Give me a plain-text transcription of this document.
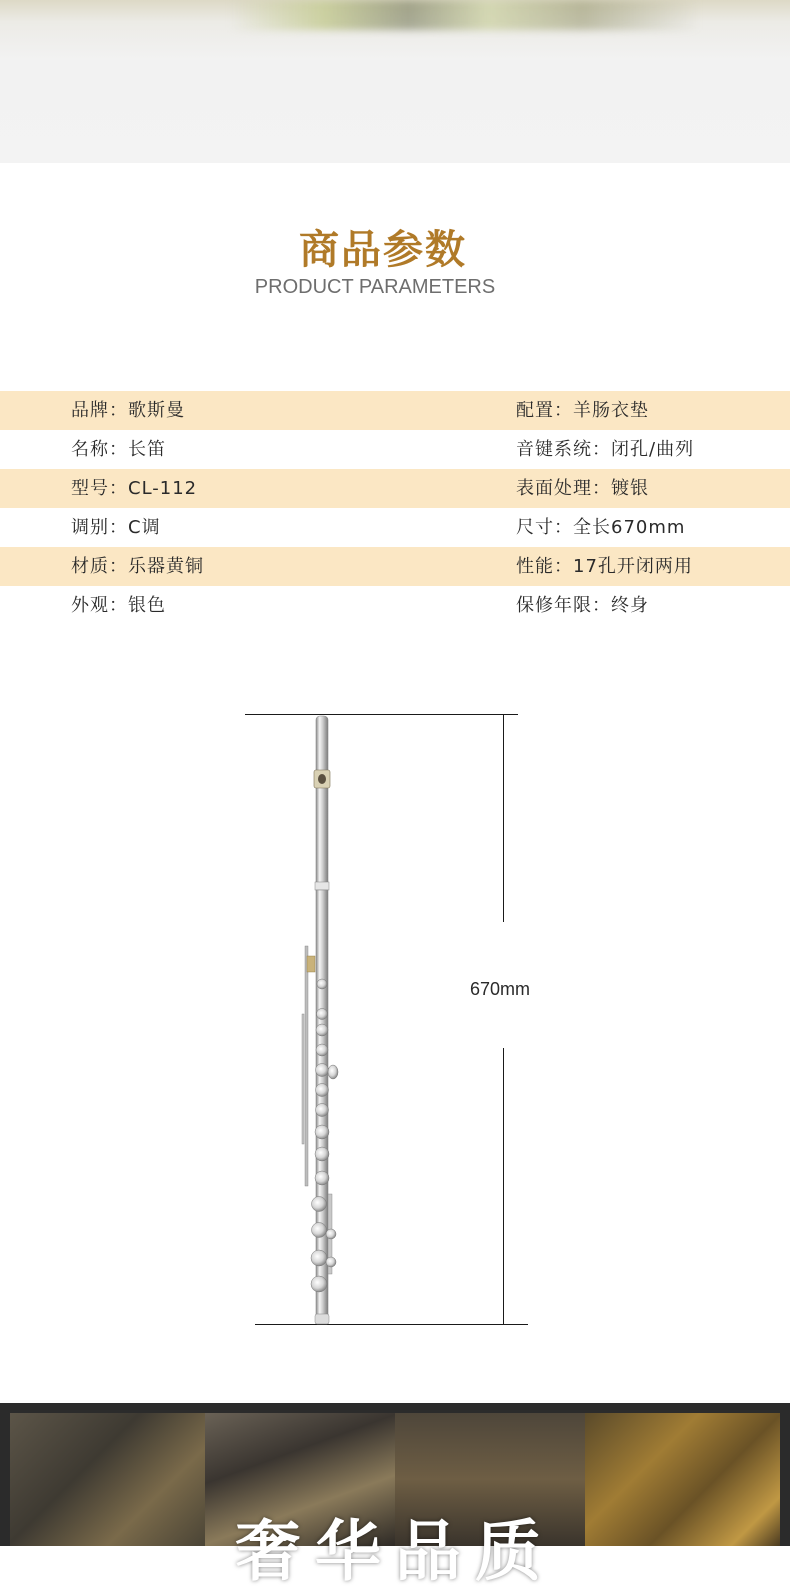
商品参数
PRODUCT PARAMETERS
品牌：歌斯曼	配置：羊肠衣垫
名称：长笛	音键系统：闭孔/曲列
型号：CL-112	表面处理：镀银
调别：C调	尺寸：全长670mm
材质：乐器黄铜	性能：17孔开闭两用
外观：银色	保修年限：终身
670mm
奢华品质
